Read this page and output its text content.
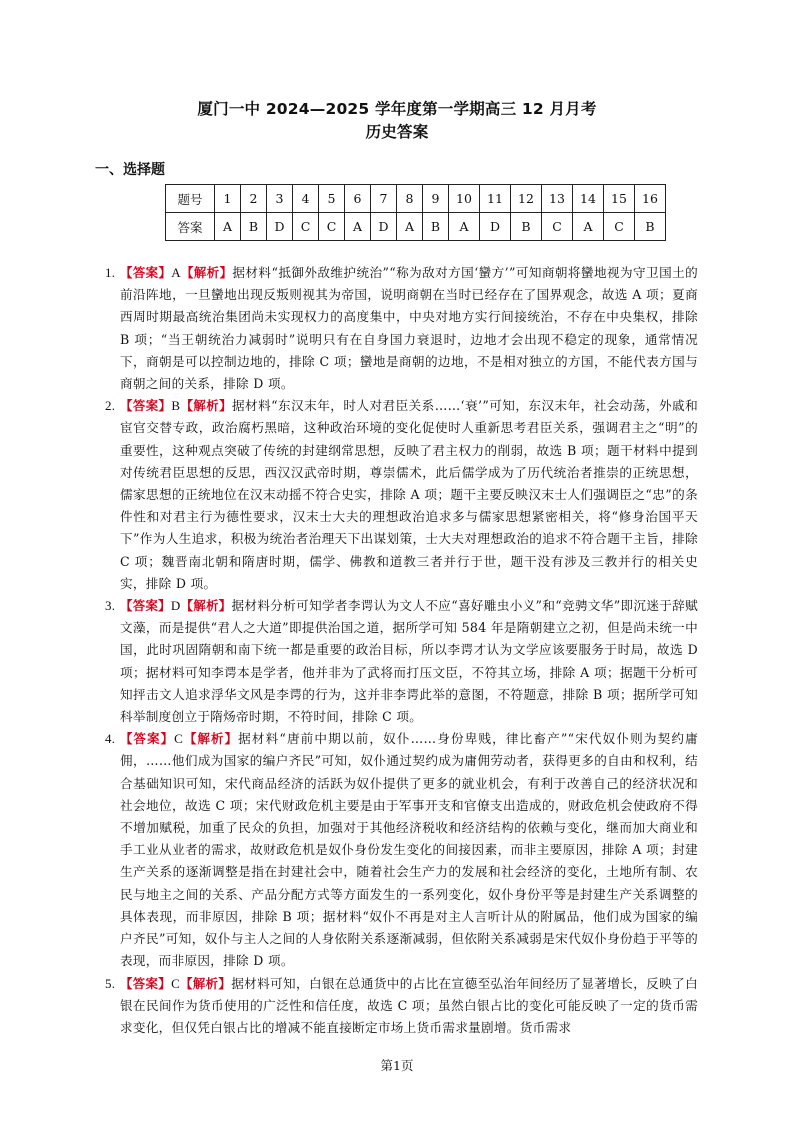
厦门一中 2024—2025 学年度第一学期高三 12 月月考
历史答案
一、选择题
题号	1	2	3	4	5	6	7	8	9	10	11	12	13	14	15	16
答案	A	B	D	C	C	A	D	A	B	A	D	B	C	A	C	B

1. 【答案】A【解析】据材料“抵御外敌维护统治”“称为敌对方国‘蠻方’”可知商朝将蠻地视为守卫国土的前沿阵地，一旦蠻地出现反叛则视其为帝国，说明商朝在当时已经存在了国界观念，故选 A 项；夏商西周时期最高统治集团尚未实现权力的高度集中，中央对地方实行间接统治，不存在中央集权，排除 B 项；“当王朝统治力减弱时”说明只有在自身国力衰退时，边地才会出现不稳定的现象，通常情况下，商朝是可以控制边地的，排除 C 项；蠻地是商朝的边地，不是相对独立的方国，不能代表方国与商朝之间的关系，排除 D 项。

2. 【答案】B【解析】据材料“东汉末年，时人对君臣关系……‘衰’”可知，东汉末年，社会动荡，外戚和宦官交替专政，政治腐朽黑暗，这种政治环境的变化促使时人重新思考君臣关系，强调君主之“明”的重要性，这种观点突破了传统的封建纲常思想，反映了君主权力的削弱，故选 B 项；题干材料中提到对传统君臣思想的反思，西汉汉武帝时期，尊崇儒术，此后儒学成为了历代统治者推崇的正统思想，儒家思想的正统地位在汉末动摇不符合史实，排除 A 项；题干主要反映汉末士人们强调臣之“忠”的条件性和对君主行为德性要求，汉末士大夫的理想政治追求多与儒家思想紧密相关，将“修身治国平天下”作为人生追求，积极为统治者治理天下出谋划策，士大夫对理想政治的追求不符合题干主旨，排除 C 项；魏晋南北朝和隋唐时期，儒学、佛教和道教三者并行于世，题干没有涉及三教并行的相关史实，排除 D 项。

3. 【答案】D【解析】据材料分析可知学者李谔认为文人不应“喜好雕虫小义”和“竞骋文华”即沉迷于辞赋文藻，而是提供“君人之大道”即提供治国之道，据所学可知 584 年是隋朝建立之初，但是尚未统一中国，此时巩固隋朝和南下统一都是重要的政治目标，所以李谔才认为文学应该要服务于时局，故选 D 项；据材料可知李谔本是学者，他并非为了武将而打压文臣，不符其立场，排除 A 项；据题干分析可知抨击文人追求浮华文风是李谔的行为，这并非李谔此举的意图，不符题意，排除 B 项；据所学可知科举制度创立于隋炀帝时期，不符时间，排除 C 项。

4. 【答案】C【解析】据材料“唐前中期以前，奴仆……身份卑贱，律比畜产”“宋代奴仆则为契约庸佣，……他们成为国家的编户齐民”可知，奴仆通过契约成为庸佣劳动者，获得更多的自由和权利，结合基础知识可知，宋代商品经济的活跃为奴仆提供了更多的就业机会，有利于改善自己的经济状况和社会地位，故选 C 项；宋代财政危机主要是由于军事开支和官僚支出造成的，财政危机会使政府不得不增加赋税，加重了民众的负担，加强对于其他经济税收和经济结构的依赖与变化，继而加大商业和手工业从业者的需求，故财政危机是奴仆身份发生变化的间接因素，而非主要原因，排除 A 项；封建生产关系的逐渐调整是指在封建社会中，随着社会生产力的发展和社会经济的变化，土地所有制、农民与地主之间的关系、产品分配方式等方面发生的一系列变化，奴仆身份平等是封建生产关系调整的具体表现，而非原因，排除 B 项；据材料“奴仆不再是对主人言听计从的附属品，他们成为国家的编户齐民”可知，奴仆与主人之间的人身依附关系逐渐减弱，但依附关系减弱是宋代奴仆身份趋于平等的表现，而非原因，排除 D 项。

5. 【答案】C【解析】据材料可知，白银在总通货中的占比在宣德至弘治年间经历了显著增长，反映了白银在民间作为货币使用的广泛性和信任度，故选 C 项；虽然白银占比的变化可能反映了一定的货币需求变化，但仅凭白银占比的增减不能直接断定市场上货币需求量剧增。货币需求

第1页
